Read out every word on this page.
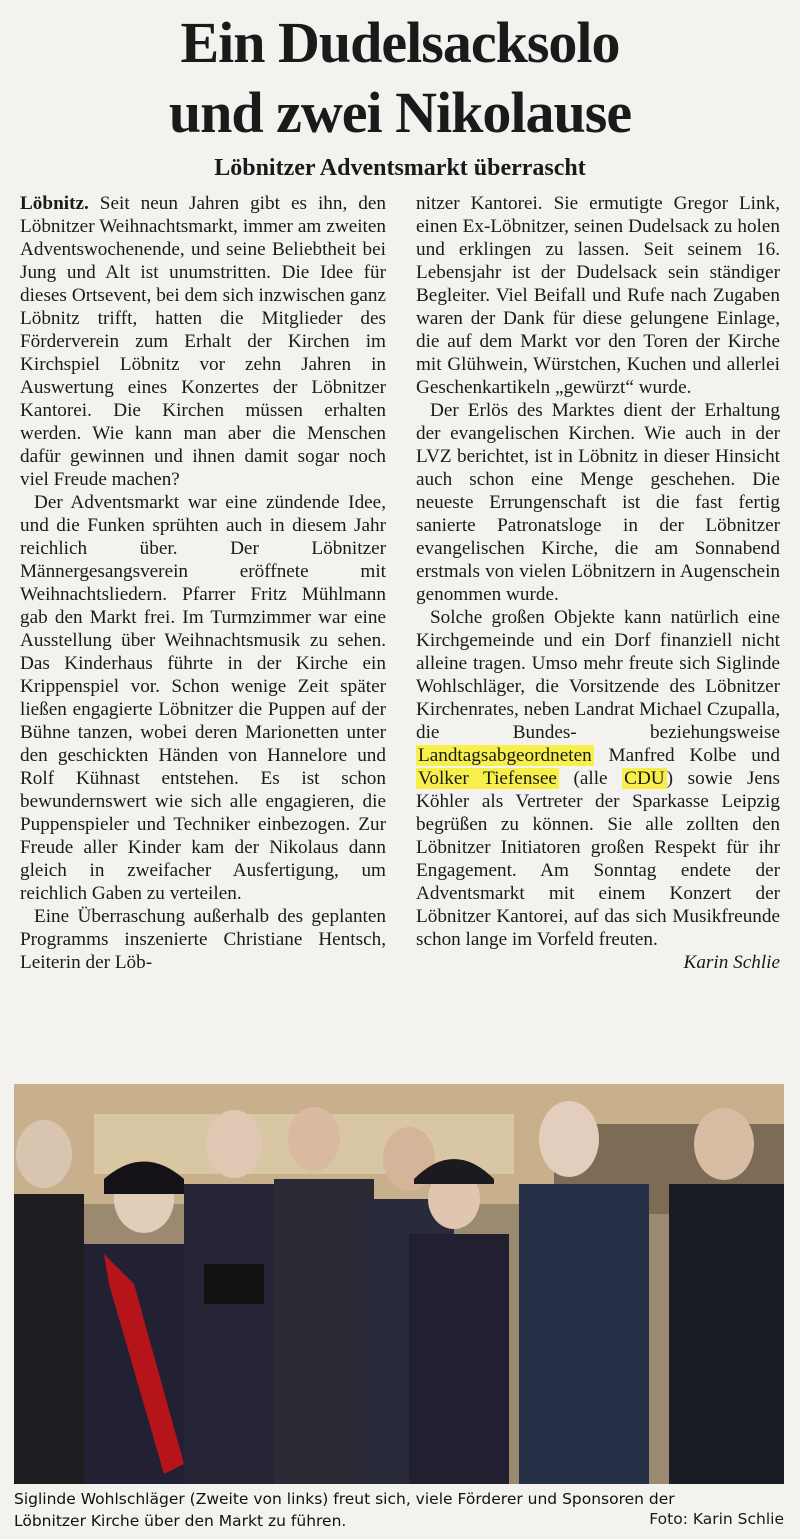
Ein Dudelsacksolo
und zwei Nikolause
Löbnitzer Adventsmarkt überrascht

Löbnitz. Seit neun Jahren gibt es ihn, den Löbnitzer Weihnachtsmarkt, immer am zweiten Adventswochenende, und seine Beliebtheit bei Jung und Alt ist unumstritten. Die Idee für dieses Ortsevent, bei dem sich inzwischen ganz Löbnitz trifft, hatten die Mitglieder des Förderverein zum Erhalt der Kirchen im Kirchspiel Löbnitz vor zehn Jahren in Auswertung eines Konzertes der Löbnitzer Kantorei. Die Kirchen müssen erhalten werden. Wie kann man aber die Menschen dafür gewinnen und ihnen damit sogar noch viel Freude machen?

Der Adventsmarkt war eine zündende Idee, und die Funken sprühten auch in diesem Jahr reichlich über. Der Löbnitzer Männergesangsverein eröffnete mit Weihnachtsliedern. Pfarrer Fritz Mühlmann gab den Markt frei. Im Turmzimmer war eine Ausstellung über Weihnachtsmusik zu sehen. Das Kinderhaus führte in der Kirche ein Krippenspiel vor. Schon wenige Zeit später ließen engagierte Löbnitzer die Puppen auf der Bühne tanzen, wobei deren Marionetten unter den geschickten Händen von Hannelore und Rolf Kühnast entstehen. Es ist schon bewundernswert wie sich alle engagieren, die Puppenspieler und Techniker einbezogen. Zur Freude aller Kinder kam der Nikolaus dann gleich in zweifacher Ausfertigung, um reichlich Gaben zu verteilen.

Eine Überraschung außerhalb des geplanten Programms inszenierte Christiane Hentsch, Leiterin der Löb-

nitzer Kantorei. Sie ermutigte Gregor Link, einen Ex-Löbnitzer, seinen Dudelsack zu holen und erklingen zu lassen. Seit seinem 16. Lebensjahr ist der Dudelsack sein ständiger Begleiter. Viel Beifall und Rufe nach Zugaben waren der Dank für diese gelungene Einlage, die auf dem Markt vor den Toren der Kirche mit Glühwein, Würstchen, Kuchen und allerlei Geschenkartikeln „gewürzt“ wurde.

Der Erlös des Marktes dient der Erhaltung der evangelischen Kirchen. Wie auch in der LVZ berichtet, ist in Löbnitz in dieser Hinsicht auch schon eine Menge geschehen. Die neueste Errungenschaft ist die fast fertig sanierte Patronatsloge in der Löbnitzer evangelischen Kirche, die am Sonnabend erstmals von vielen Löbnitzern in Augenschein genommen wurde.

Solche großen Objekte kann natürlich eine Kirchgemeinde und ein Dorf finanziell nicht alleine tragen. Umso mehr freute sich Siglinde Wohlschläger, die Vorsitzende des Löbnitzer Kirchenrates, neben Landrat Michael Czupalla, die Bundes- beziehungsweise Landtagsabgeordneten Manfred Kolbe und Volker Tiefensee (alle CDU ) sowie Jens Köhler als Vertreter der Sparkasse Leipzig begrüßen zu können. Sie alle zollten den Löbnitzer Initiatoren großen Respekt für ihr Engagement. Am Sonntag endete der Adventsmarkt mit einem Konzert der Löbnitzer Kantorei, auf das sich Musikfreunde schon lange im Vorfeld freuten.

Karin Schlie

Siglinde Wohlschläger (Zweite von links) freut sich, viele Förderer und Sponsoren der
Löbnitzer Kirche über den Markt zu führen.	Foto: Karin Schlie
